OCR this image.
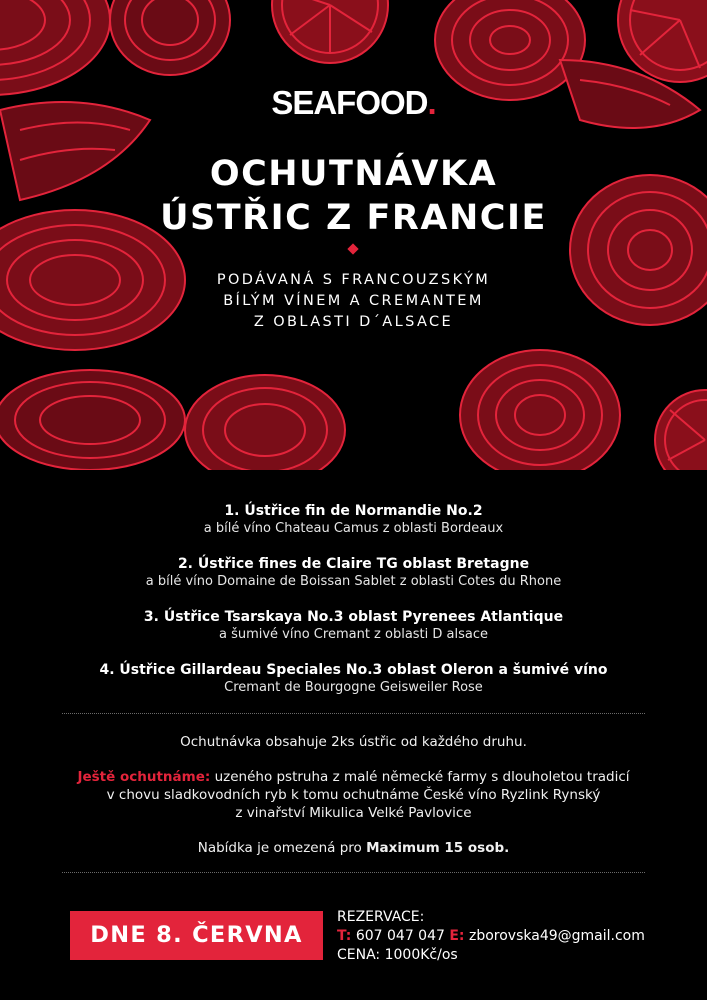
SEAFOOD.
OCHUTNÁVKA
ÚSTŘIC Z FRANCIE
PODÁVANÁ S FRANCOUZSKÝM
BÍLÝM VÍNEM A CREMANTEM
Z OBLASTI D´ALSACE
1. Ústřice fin de Normandie No.2
a bílé víno Chateau Camus z oblasti Bordeaux
2. Ústřice fines de Claire TG oblast Bretagne
a bílé víno Domaine de Boissan Sablet z oblasti Cotes du Rhone
3. Ústřice Tsarskaya No.3 oblast Pyrenees Atlantique
a šumivé víno Cremant z oblasti D alsace
4. Ústřice Gillardeau Speciales No.3 oblast Oleron a šumivé víno
Cremant de Bourgogne Geisweiler Rose

Ochutnávka obsahuje 2ks ústřic od každého druhu.

Ještě ochutnáme: uzeného pstruha z malé německé farmy s dlouholetou tradicí
v chovu sladkovodních ryb k tomu ochutnáme České víno Ryzlink Rynský
z vinařství Mikulica Velké Pavlovice

Nabídka je omezená pro Maximum 15 osob.

DNE 8. ČERVNA
REZERVACE:
T: 607 047 047 E: zborovska49@gmail.com
CENA: 1000Kč/os
